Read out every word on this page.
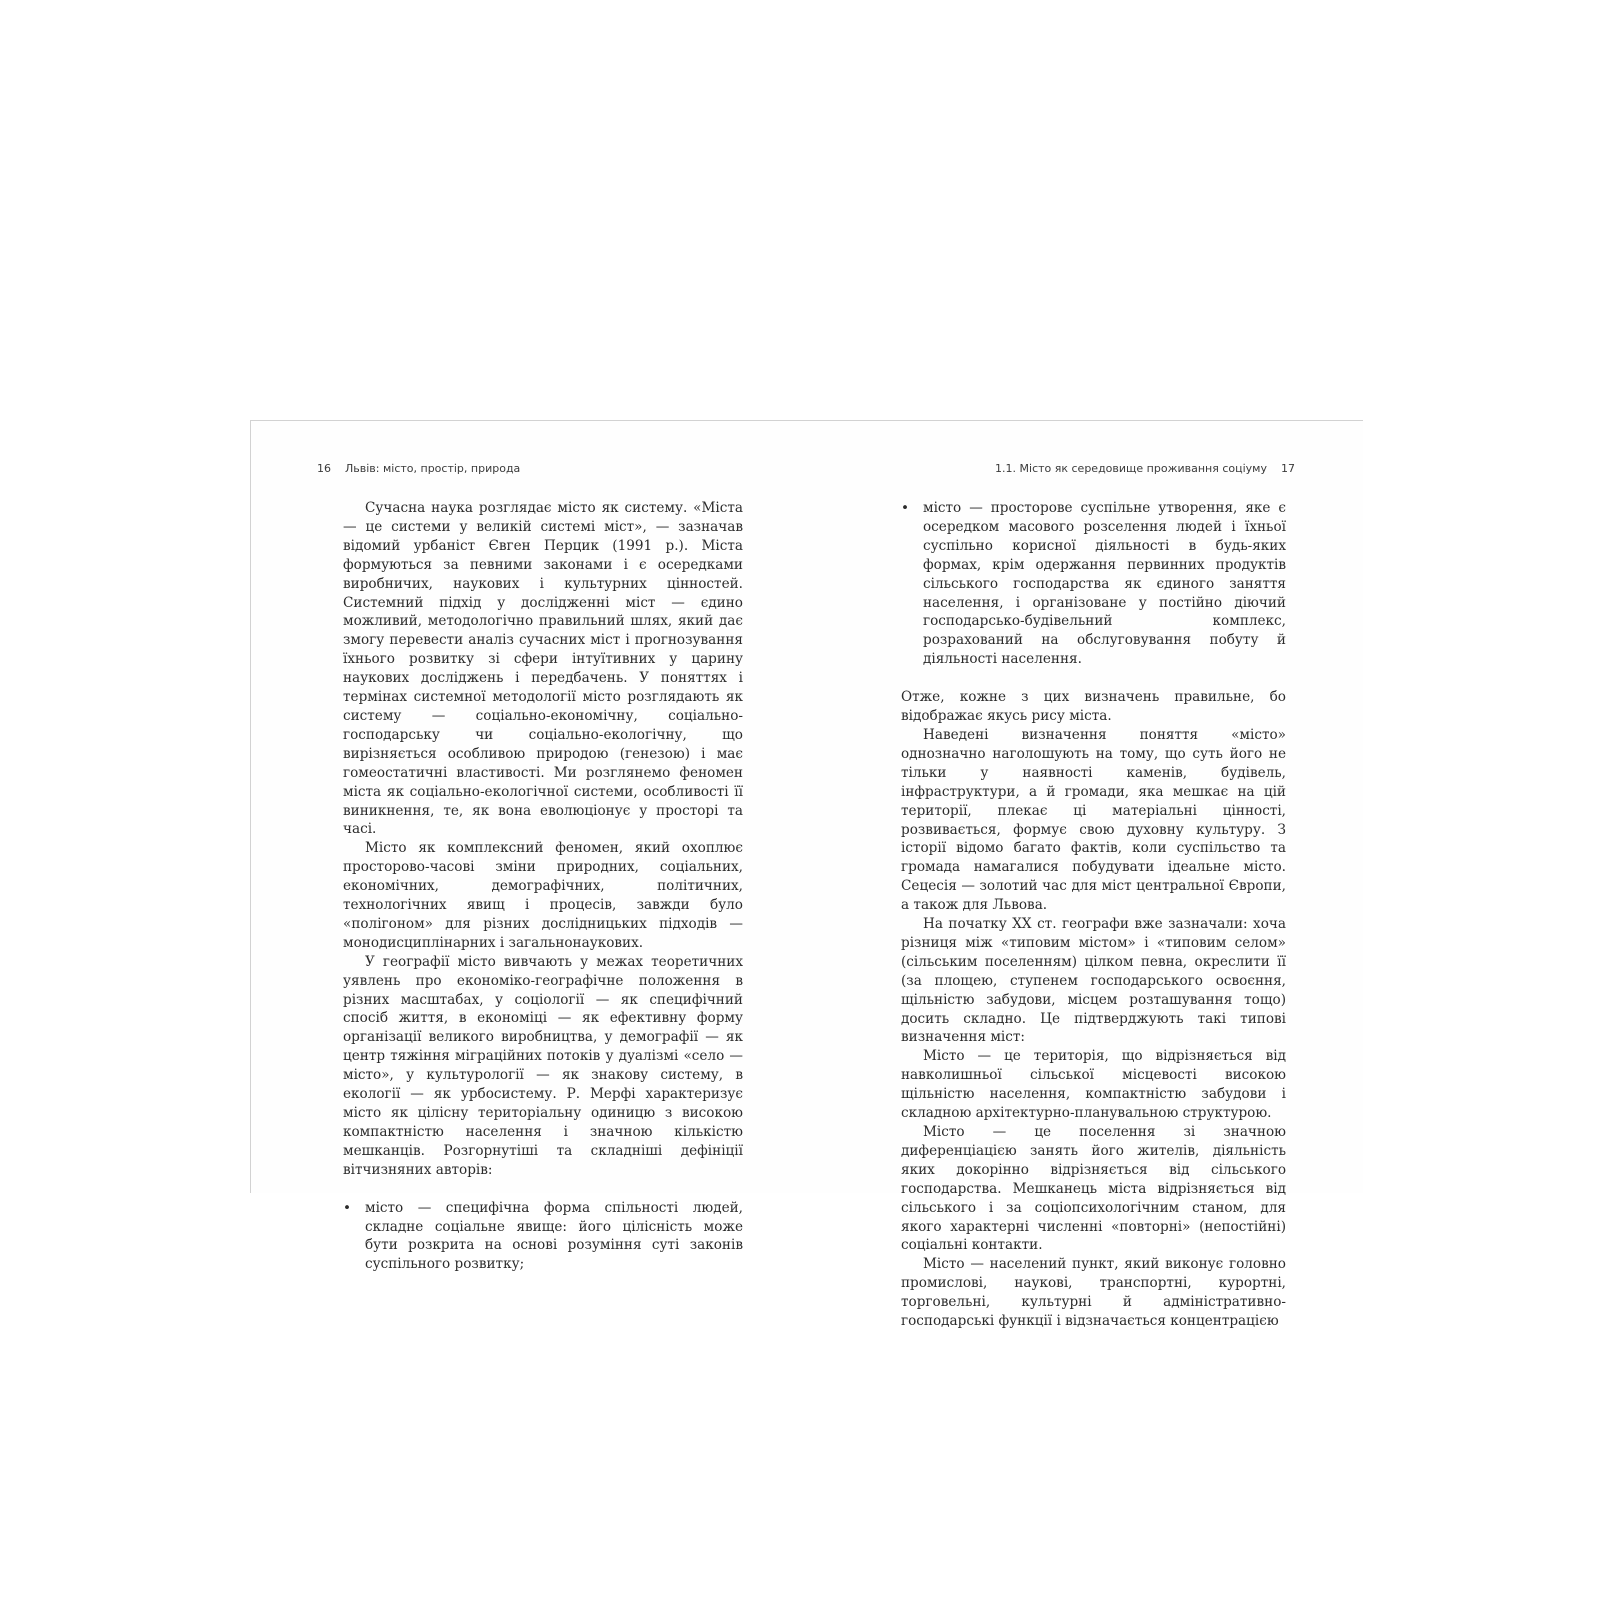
16 Львів: місто, простір, природа

Сучасна наука розглядає місто як систему. «Міста — це системи у великій системі міст», — зазначав відомий урбаніст Євген Перцик (1991 р.). Міста формуються за певними законами і є осередками виробничих, наукових і культурних цінностей. Системний підхід у дослідженні міст — єдино можливий, методологічно правильний шлях, який дає змогу перевести аналіз сучасних міст і прогнозування їхнього розвитку зі сфери інтуїтивних у царину наукових досліджень і передбачень. У поняттях і термінах системної методології місто розглядають як систему — соціально-економічну, соціально-господарську чи соціально-екологічну, що вирізняється особливою природою (генезою) і має гомеостатичні властивості. Ми розглянемо феномен міста як соціально-екологічної системи, особливості її виникнення, те, як вона еволюціонує у просторі та часі.

Місто як комплексний феномен, який охоплює просторово-часові зміни природних, соціальних, економічних, демографічних, політичних, технологічних явищ і процесів, завжди було «полігоном» для різних дослідницьких підходів — монодисциплінарних і загальнонаукових.

У географії місто вивчають у межах теоретичних уявлень про економіко-географічне положення в різних масштабах, у соціології — як специфічний спосіб життя, в економіці — як ефективну форму організації великого виробництва, у демографії — як центр тяжіння міграційних потоків у дуалізмі «село — місто», у культурології — як знакову систему, в екології — як урбосистему. Р. Мерфі характеризує місто як цілісну територіальну одиницю з високою компактністю населення і значною кількістю мешканців. Розгорнутіші та складніші дефініції вітчизняних авторів:

• місто — специфічна форма спільності людей, складне соціальне явище: його цілісність може бути розкрита на основі розуміння суті законів суспільного розвитку;
1.1. Місто як середовище проживання соціуму 17
• місто — просторове суспільне утворення, яке є осередком масового розселення людей і їхньої суспільно корисної діяльності в будь-яких формах, крім одержання первинних продуктів сільського господарства як єдиного заняття населення, і організоване у постійно діючий господарсько-будівельний комплекс, розрахований на обслуговування побуту й діяльності населення.

Отже, кожне з цих визначень правильне, бо відображає якусь рису міста.

Наведені визначення поняття «місто» однозначно наголошують на тому, що суть його не тільки у наявності каменів, будівель, інфраструктури, а й громади, яка мешкає на цій території, плекає ці матеріальні цінності, розвивається, формує свою духовну культуру. З історії відомо багато фактів, коли суспільство та громада намагалися побудувати ідеальне місто. Сецесія — золотий час для міст центральної Європи, а також для Львова.

На початку XX ст. географи вже зазначали: хоча різниця між «типовим містом» і «типовим селом» (сільським поселенням) цілком певна, окреслити її (за площею, ступенем господарського освоєння, щільністю забудови, місцем розташування тощо) досить складно. Це підтверджують такі типові визначення міст:

Місто — це територія, що відрізняється від навколишньої сільської місцевості високою щільністю населення, компактністю забудови і складною архітектурно-планувальною структурою.

Місто — це поселення зі значною диференціацією занять його жителів, діяльність яких докорінно відрізняється від сільського господарства. Мешканець міста відрізняється від сільського і за соціопсихологічним станом, для якого характерні численні «повторні» (непостійні) соціальні контакти.

Місто — населений пункт, який виконує головно промислові, наукові, транспортні, курортні, торговельні, культурні й адміністративно-господарські функції і відзначається концентрацією
